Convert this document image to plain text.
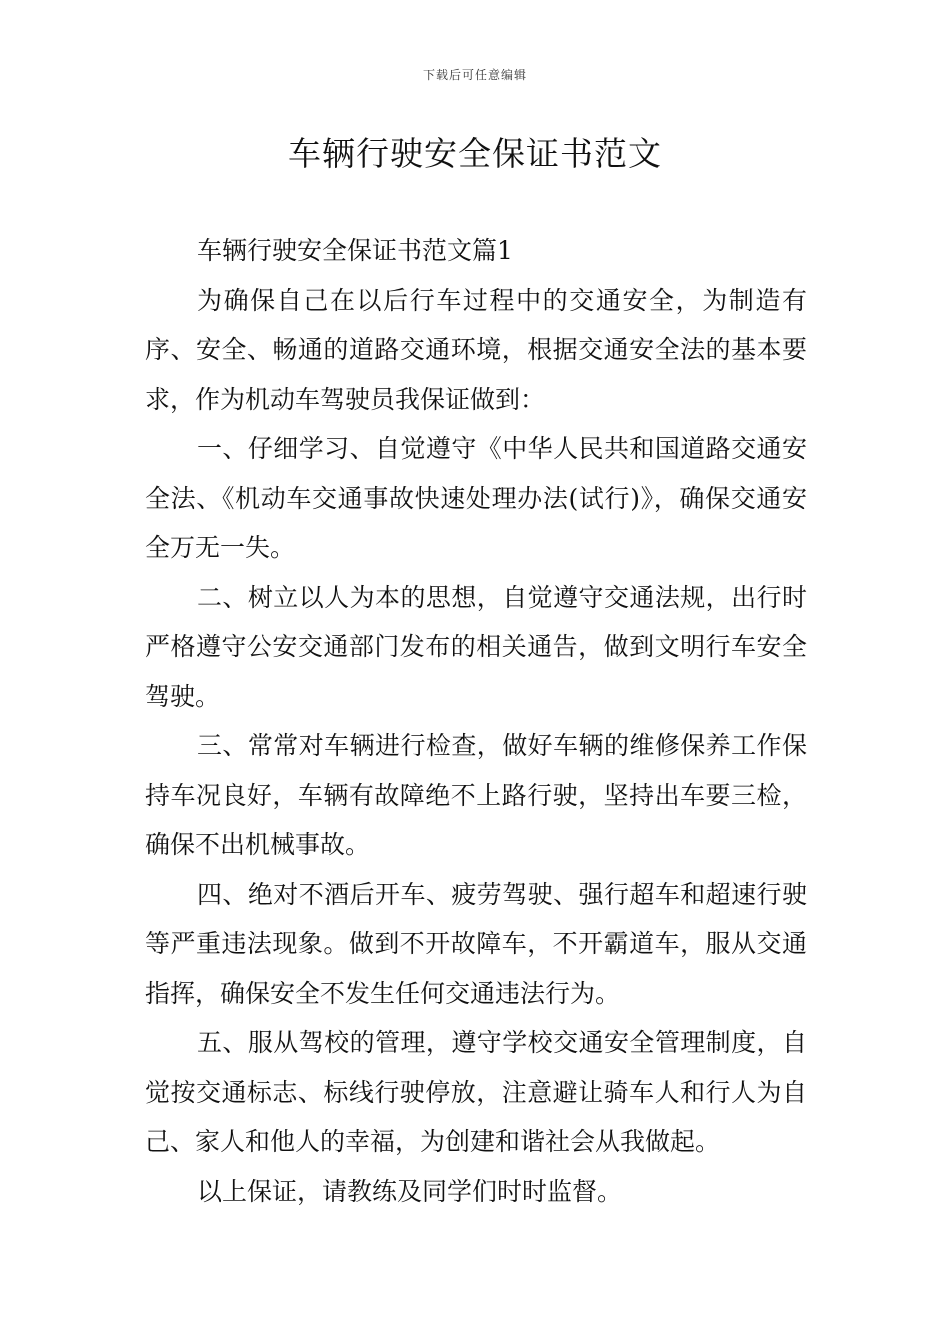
下载后可任意编辑
车辆行驶安全保证书范文

车辆行驶安全保证书范文篇1

为确保自己在以后行车过程中的交通安全，为制造有序、安全、畅通的道路交通环境，根据交通安全法的基本要求，作为机动车驾驶员我保证做到：

一、仔细学习、自觉遵守《中华人民共和国道路交通安全法、《机动车交通事故快速处理办法(试行)》，确保交通安全万无一失。

二、树立以人为本的思想，自觉遵守交通法规，出行时严格遵守公安交通部门发布的相关通告，做到文明行车安全驾驶。

三、常常对车辆进行检查，做好车辆的维修保养工作保持车况良好，车辆有故障绝不上路行驶，坚持出车要三检，确保不出机械事故。

四、绝对不酒后开车、疲劳驾驶、强行超车和超速行驶等严重违法现象。做到不开故障车，不开霸道车，服从交通指挥，确保安全不发生任何交通违法行为。

五、服从驾校的管理，遵守学校交通安全管理制度，自觉按交通标志、标线行驶停放，注意避让骑车人和行人为自己、家人和他人的幸福，为创建和谐社会从我做起。

以上保证，请教练及同学们时时监督。
